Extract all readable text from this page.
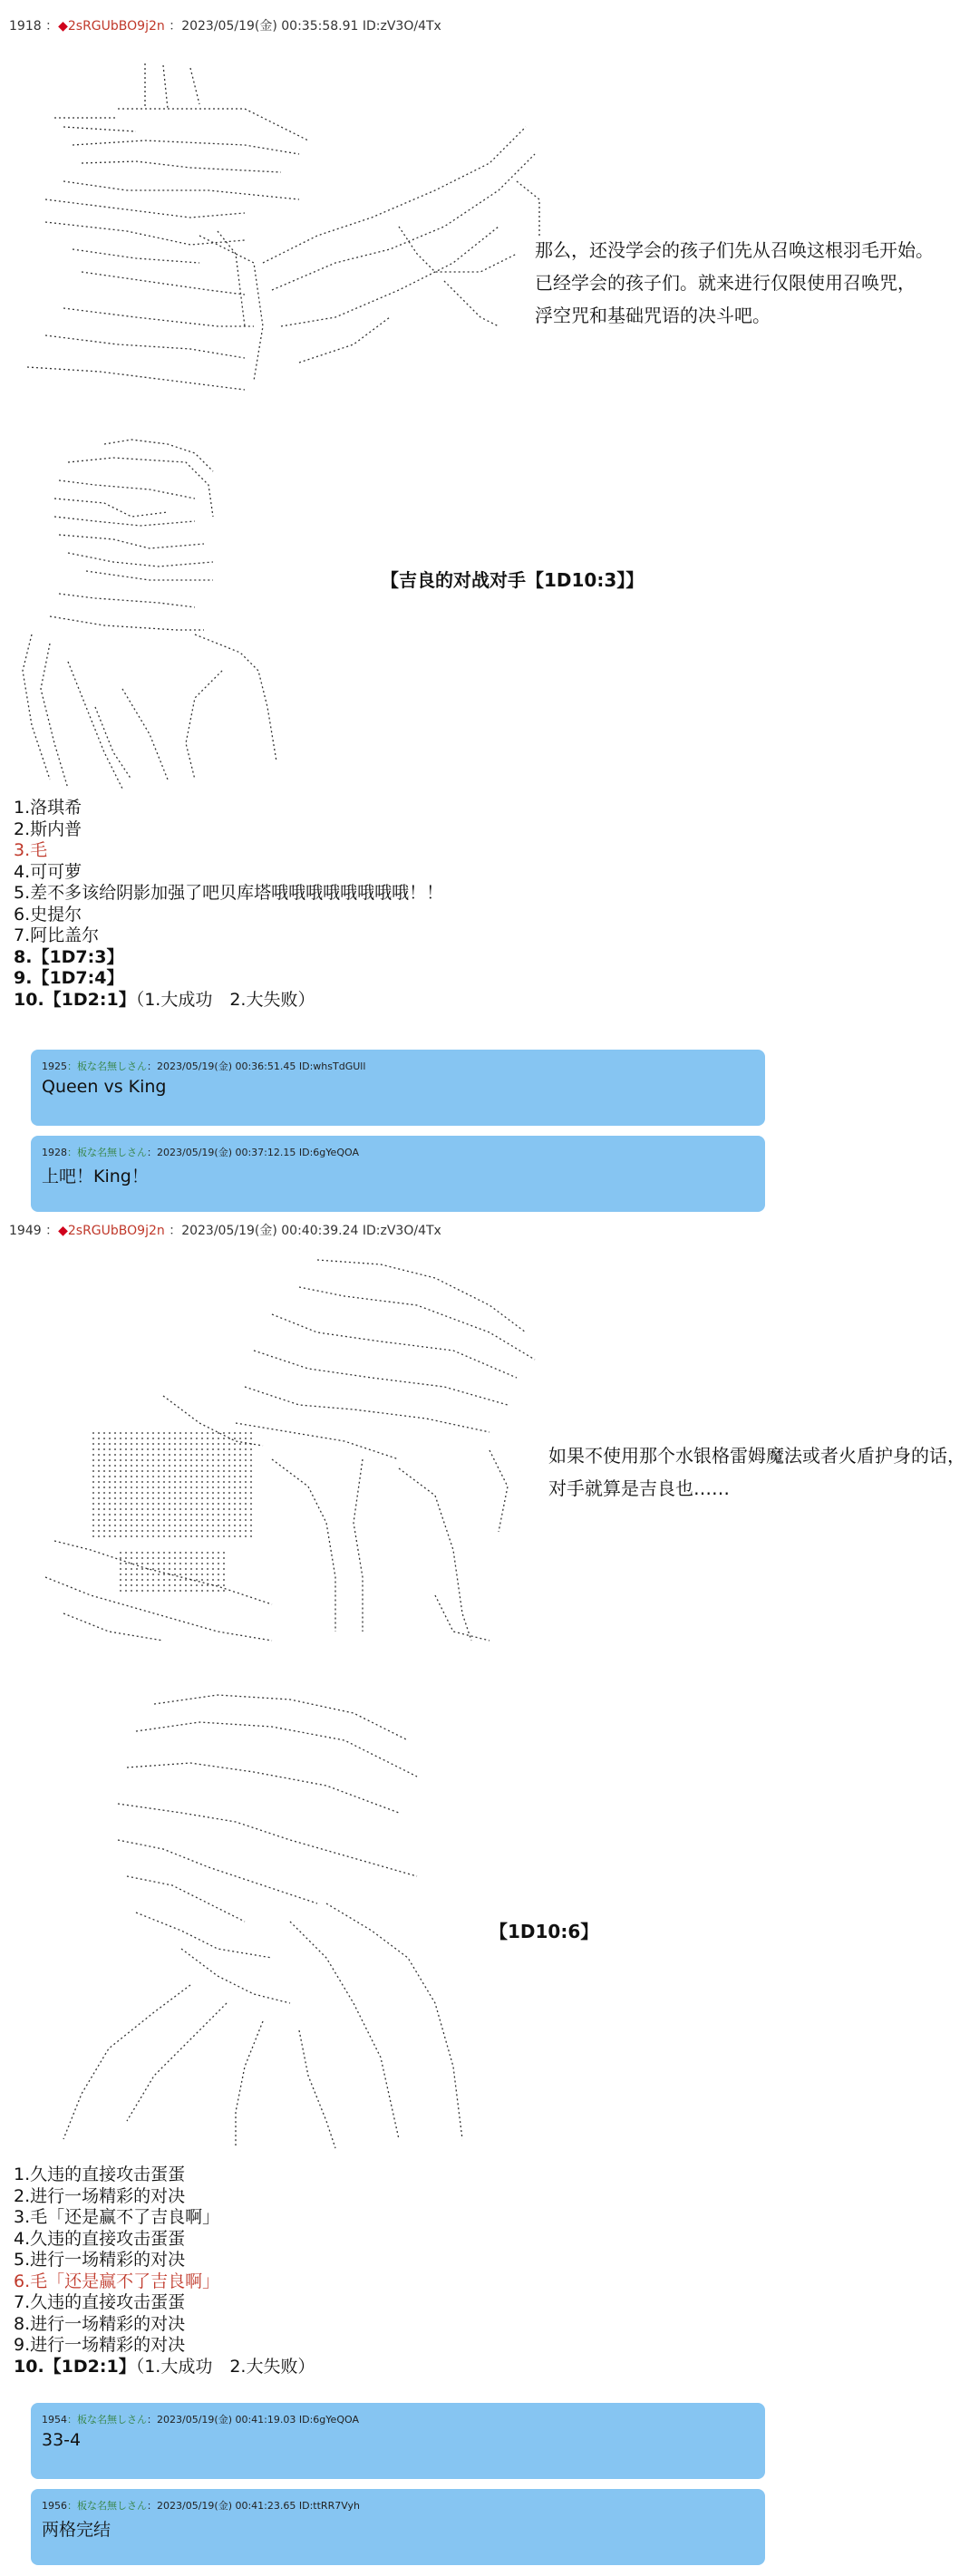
1918 ：◆2sRGUbBO9j2n ：2023/05/19(金) 00:35:58.91 ID:zV3O/4Tx
那么，还没学会的孩子们先从召唤这根羽毛开始。
已经学会的孩子们。就来进行仅限使用召唤咒，
浮空咒和基础咒语的决斗吧。
【吉良的对战对手【1D10:3】】
1.洛琪希
2.斯内普
3.毛
4.可可萝
5.差不多该给阴影加强了吧贝库塔哦哦哦哦哦哦哦哦！！
6.史提尔
7.阿比盖尔
8.【1D7:3】
9.【1D7:4】
10.【1D2:1】（1.大成功　2.大失败）
1925：板な名無しさん：2023/05/19(金) 00:36:51.45 ID:whsTdGUll
Queen vs King
1928：板な名無しさん：2023/05/19(金) 00:37:12.15 ID:6gYeQOA
上吧！King！
1949 ：◆2sRGUbBO9j2n ：2023/05/19(金) 00:40:39.24 ID:zV3O/4Tx
如果不使用那个水银格雷姆魔法或者火盾护身的话，
对手就算是吉良也……
【1D10:6】
1.久违的直接攻击蛋蛋
2.进行一场精彩的对决
3.毛「还是赢不了吉良啊」
4.久违的直接攻击蛋蛋
5.进行一场精彩的对决
6.毛「还是赢不了吉良啊」
7.久违的直接攻击蛋蛋
8.进行一场精彩的对决
9.进行一场精彩的对决
10.【1D2:1】（1.大成功　2.大失败）
1954：板な名無しさん：2023/05/19(金) 00:41:19.03 ID:6gYeQOA
33-4
1956：板な名無しさん：2023/05/19(金) 00:41:23.65 ID:ttRR7Vyh
两格完结
